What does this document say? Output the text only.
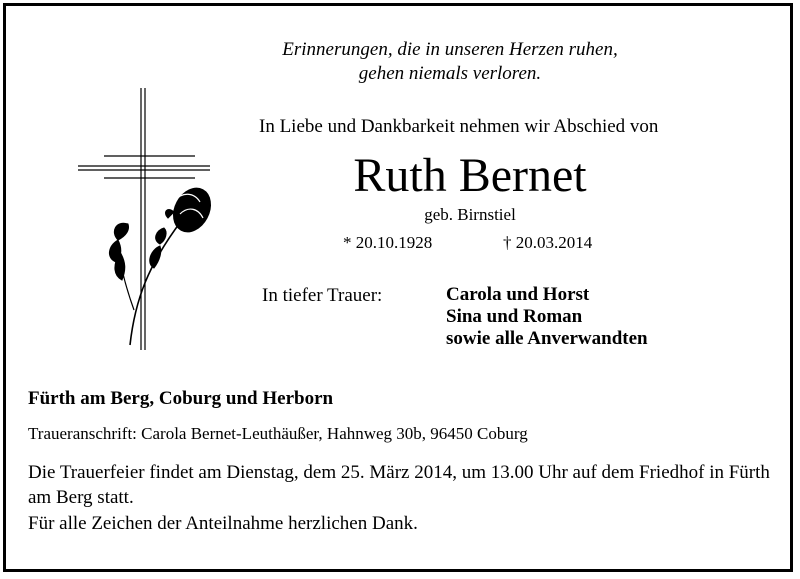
Erinnerungen, die in unseren Herzen ruhen,
gehen niemals verloren.
In Liebe und Dankbarkeit nehmen wir Abschied von
Ruth Bernet
geb. Birnstiel
* 20.10.1928	† 20.03.2014
In tiefer Trauer:	Carola und Horst
Sina und Roman
sowie alle Anverwandten
Fürth am Berg, Coburg und Herborn
Traueranschrift: Carola Bernet-Leuthäußer, Hahnweg 30b, 96450 Coburg
Die Trauerfeier findet am Dienstag, dem 25. März 2014, um 13.00 Uhr auf dem Friedhof in Fürth am Berg statt.
Für alle Zeichen der Anteilnahme herzlichen Dank.
